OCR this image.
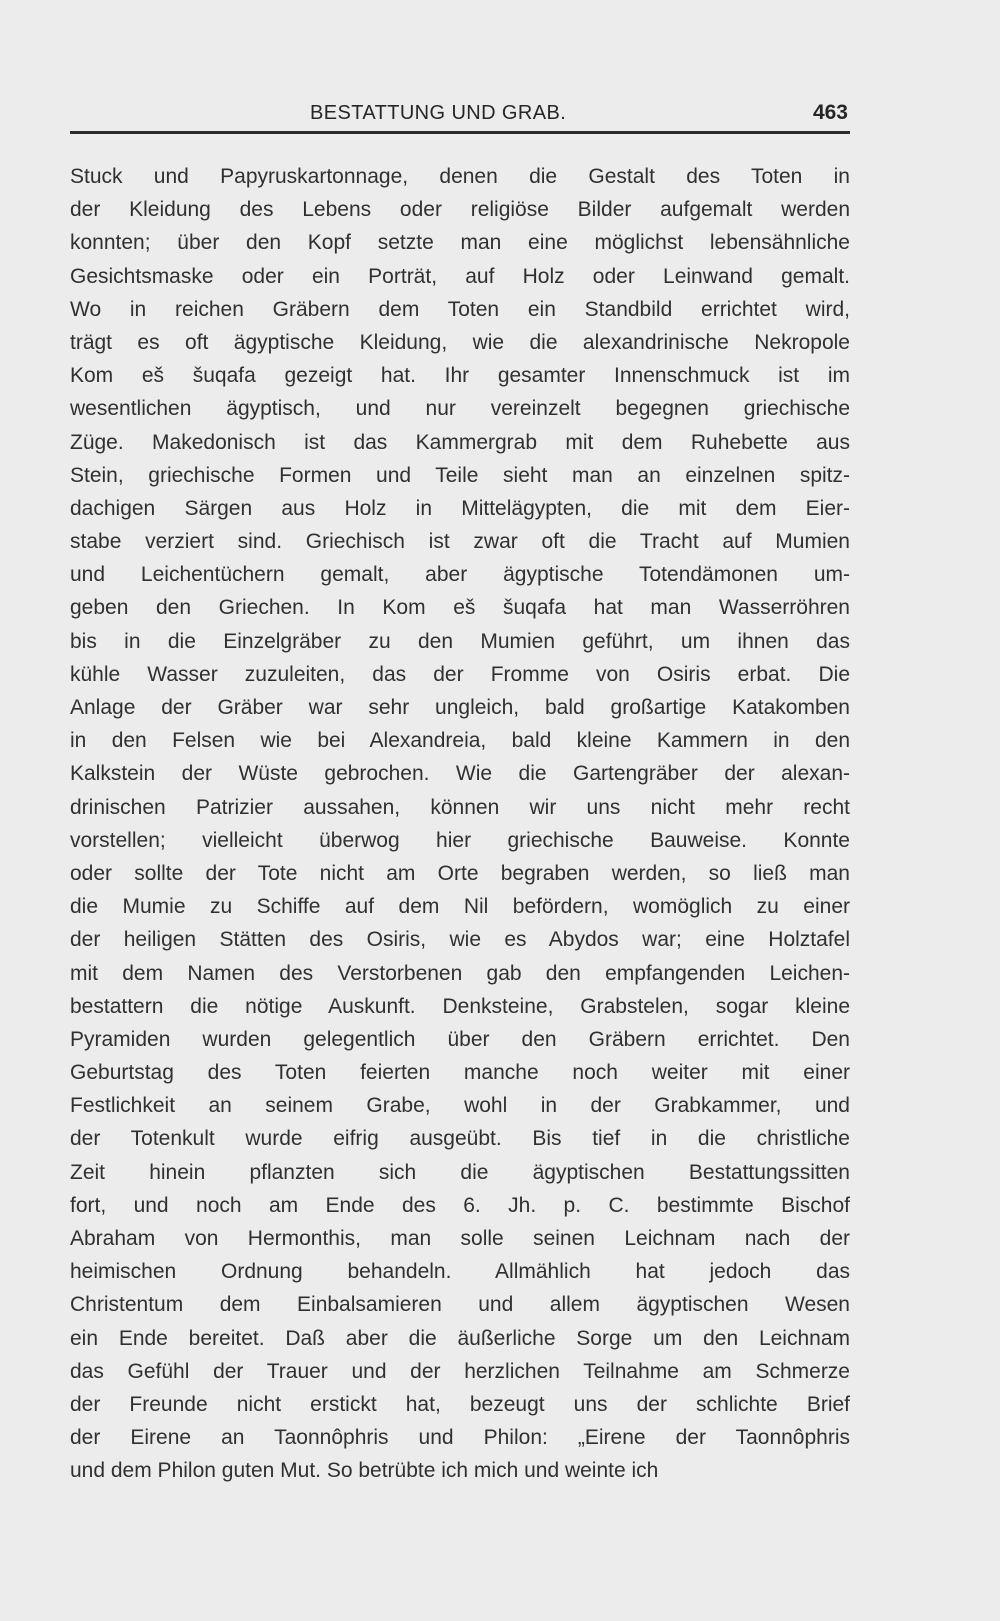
BESTATTUNG UND GRAB.	463
Stuck und Papyruskartonnage, denen die Gestalt des Toten in
der Kleidung des Lebens oder religiöse Bilder aufgemalt werden
konnten; über den Kopf setzte man eine möglichst lebensähnliche
Gesichtsmaske oder ein Porträt, auf Holz oder Leinwand gemalt.
Wo in reichen Gräbern dem Toten ein Standbild errichtet wird,
trägt es oft ägyptische Kleidung, wie die alexandrinische Nekropole
Kom eš šuqafa gezeigt hat. Ihr gesamter Innenschmuck ist im
wesentlichen ägyptisch, und nur vereinzelt begegnen griechische
Züge. Makedonisch ist das Kammergrab mit dem Ruhebette aus
Stein, griechische Formen und Teile sieht man an einzelnen spitz-
dachigen Särgen aus Holz in Mittelägypten, die mit dem Eier-
stabe verziert sind. Griechisch ist zwar oft die Tracht auf Mumien
und Leichentüchern gemalt, aber ägyptische Totendämonen um-
geben den Griechen. In Kom eš šuqafa hat man Wasserröhren
bis in die Einzelgräber zu den Mumien geführt, um ihnen das
kühle Wasser zuzuleiten, das der Fromme von Osiris erbat. Die
Anlage der Gräber war sehr ungleich, bald großartige Katakomben
in den Felsen wie bei Alexandreia, bald kleine Kammern in den
Kalkstein der Wüste gebrochen. Wie die Gartengräber der alexan-
drinischen Patrizier aussahen, können wir uns nicht mehr recht
vorstellen; vielleicht überwog hier griechische Bauweise. Konnte
oder sollte der Tote nicht am Orte begraben werden, so ließ man
die Mumie zu Schiffe auf dem Nil befördern, womöglich zu einer
der heiligen Stätten des Osiris, wie es Abydos war; eine Holztafel
mit dem Namen des Verstorbenen gab den empfangenden Leichen-
bestattern die nötige Auskunft. Denksteine, Grabstelen, sogar kleine
Pyramiden wurden gelegentlich über den Gräbern errichtet. Den
Geburtstag des Toten feierten manche noch weiter mit einer
Festlichkeit an seinem Grabe, wohl in der Grabkammer, und
der Totenkult wurde eifrig ausgeübt. Bis tief in die christliche
Zeit hinein pflanzten sich die ägyptischen Bestattungssitten
fort, und noch am Ende des 6. Jh. p. C. bestimmte Bischof
Abraham von Hermonthis, man solle seinen Leichnam nach der
heimischen Ordnung behandeln. Allmählich hat jedoch das
Christentum dem Einbalsamieren und allem ägyptischen Wesen
ein Ende bereitet. Daß aber die äußerliche Sorge um den Leichnam
das Gefühl der Trauer und der herzlichen Teilnahme am Schmerze
der Freunde nicht erstickt hat, bezeugt uns der schlichte Brief
der Eirene an Taonnôphris und Philon: „Eirene der Taonnôphris
und dem Philon guten Mut. So betrübte ich mich und weinte ich
